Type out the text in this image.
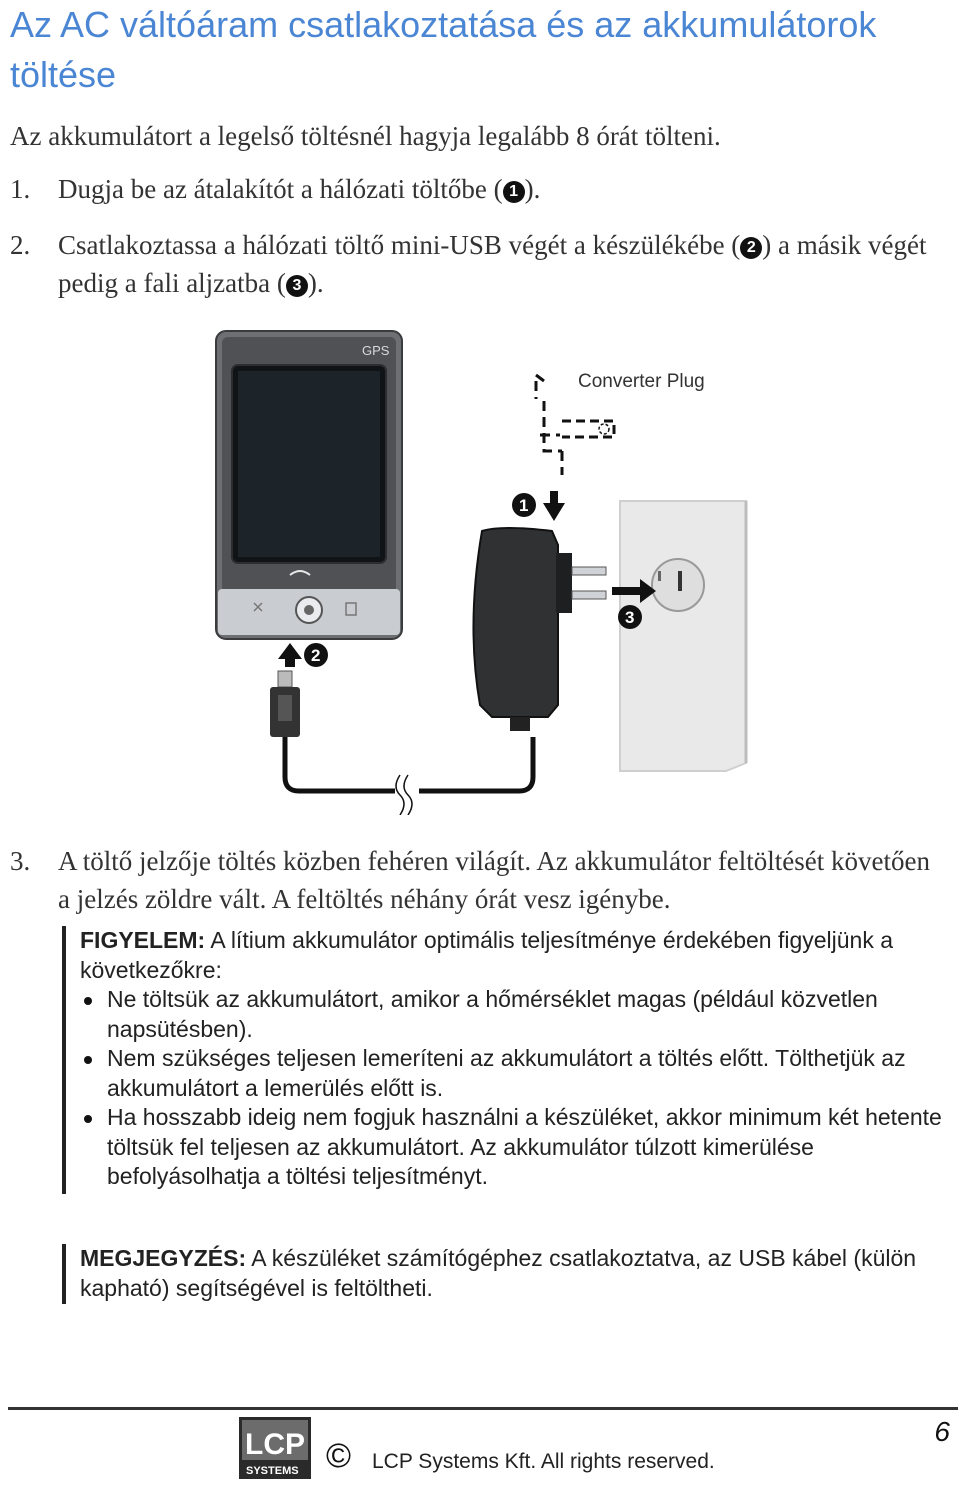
Az AC váltóáram csatlakoztatása és az akkumulátorok töltése
Az akkumulátort a legelső töltésnél hagyja legalább 8 órát tölteni.
1. Dugja be az átalakítót a hálózati töltőbe ( 1 ).
2. Csatlakoztassa a hálózati töltő mini-USB végét a készülékébe ( 2 ) a másik végét pedig a fali aljzatba ( 3 ).
GPS
2
Converter Plug
1
3
3. A töltő jelzője töltés közben fehéren világít. Az akkumulátor feltöltését követően a jelzés zöldre vált. A feltöltés néhány órát vesz igénybe.
FIGYELEM: A lítium akkumulátor optimális teljesítménye érdekében figyeljünk a következőkre:
Ne töltsük az akkumulátort, amikor a hőmérséklet magas (például közvetlen napsütésben).
Nem szükséges teljesen lemeríteni az akkumulátort a töltés előtt. Tölthetjük az akkumulátort a lemerülés előtt is.
Ha hosszabb ideig nem fogjuk használni a készüléket, akkor minimum két hetente töltsük fel teljesen az akkumulátort. Az akkumulátor túlzott kimerülése befolyásolhatja a töltési teljesítményt.
MEGJEGYZÉS: A készüléket számítógéphez csatlakoztatva, az USB kábel (külön kapható) segítségével is feltöltheti.
LCP
SYSTEMS © LCP Systems Kft. All rights reserved.
6
